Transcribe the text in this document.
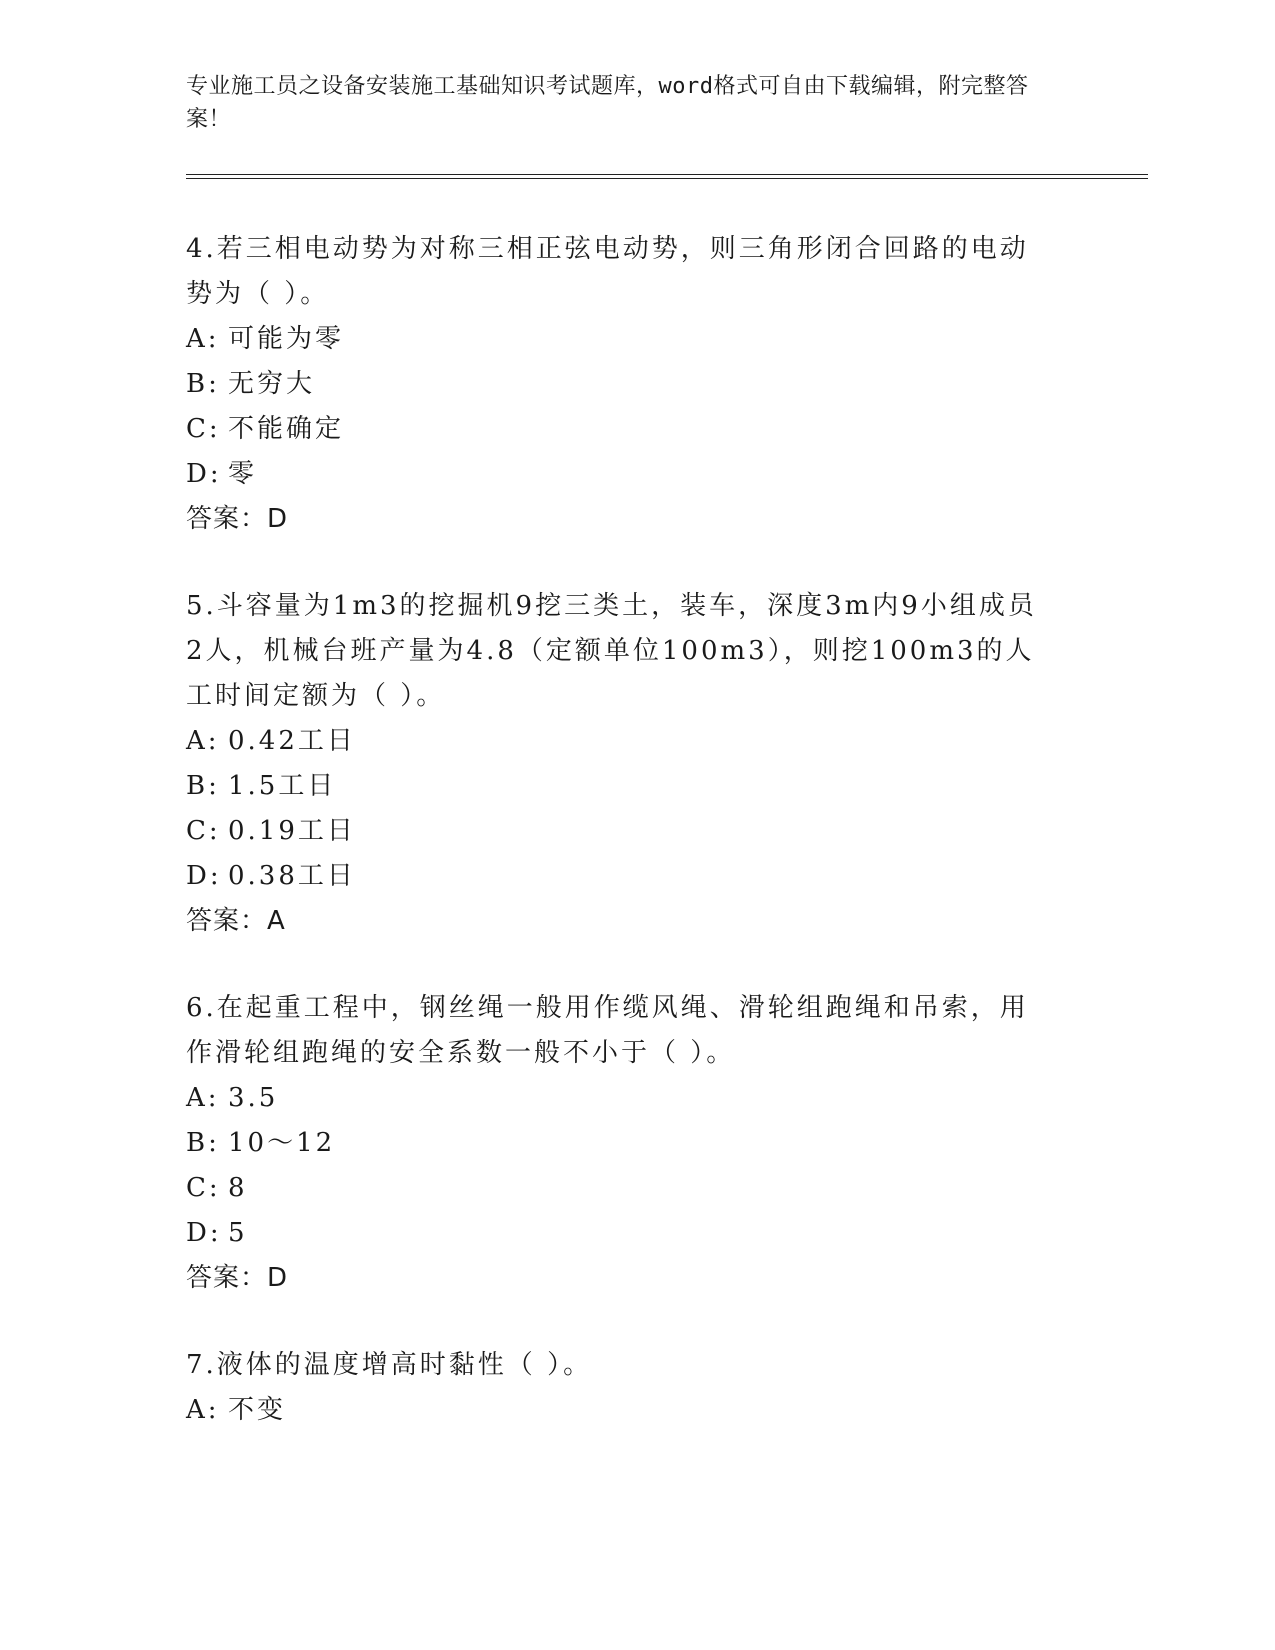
专业施工员之设备安装施工基础知识考试题库，word格式可自由下载编辑，附完整答案！
4.若三相电动势为对称三相正弦电动势，则三角形闭合回路的电动势为（ ）。
A: 可能为零
B: 无穷大
C: 不能确定
D: 零
答案：D
5.斗容量为1m3的挖掘机9挖三类土，装车，深度3m内9小组成员2人，机械台班产量为4.8（定额单位100m3），则挖100m3的人工时间定额为（ ）。
A: 0.42工日
B: 1.5工日
C: 0.19工日
D: 0.38工日
答案：A
6.在起重工程中，钢丝绳一般用作缆风绳、滑轮组跑绳和吊索，用作滑轮组跑绳的安全系数一般不小于（ ）。
A: 3.5
B: 10～12
C: 8
D: 5
答案：D
7.液体的温度增高时黏性（ ）。
A: 不变
